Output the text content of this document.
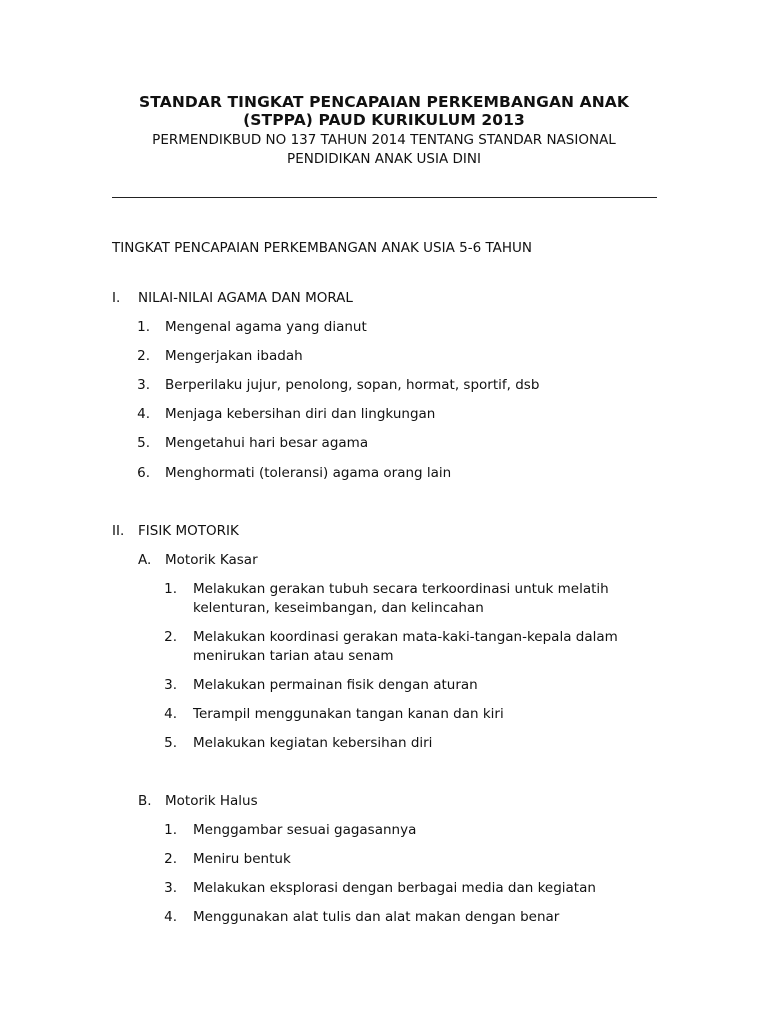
STANDAR TINGKAT PENCAPAIAN PERKEMBANGAN ANAK
(STPPA) PAUD KURIKULUM 2013
PERMENDIKBUD NO 137 TAHUN 2014 TENTANG STANDAR NASIONAL
PENDIDIKAN ANAK USIA DINI
TINGKAT PENCAPAIAN PERKEMBANGAN ANAK USIA 5-6 TAHUN
I. NILAI-NILAI AGAMA DAN MORAL
1. Mengenal agama yang dianut
2. Mengerjakan ibadah
3. Berperilaku jujur, penolong, sopan, hormat, sportif, dsb
4. Menjaga kebersihan diri dan lingkungan
5. Mengetahui hari besar agama
6. Menghormati (toleransi) agama orang lain
II. FISIK MOTORIK
A. Motorik Kasar
1. Melakukan gerakan tubuh secara terkoordinasi untuk melatih
kelenturan, keseimbangan, dan kelincahan
2. Melakukan koordinasi gerakan mata-kaki-tangan-kepala dalam
menirukan tarian atau senam
3. Melakukan permainan fisik dengan aturan
4. Terampil menggunakan tangan kanan dan kiri
5. Melakukan kegiatan kebersihan diri
B. Motorik Halus
1. Menggambar sesuai gagasannya
2. Meniru bentuk
3. Melakukan eksplorasi dengan berbagai media dan kegiatan
4. Menggunakan alat tulis dan alat makan dengan benar
